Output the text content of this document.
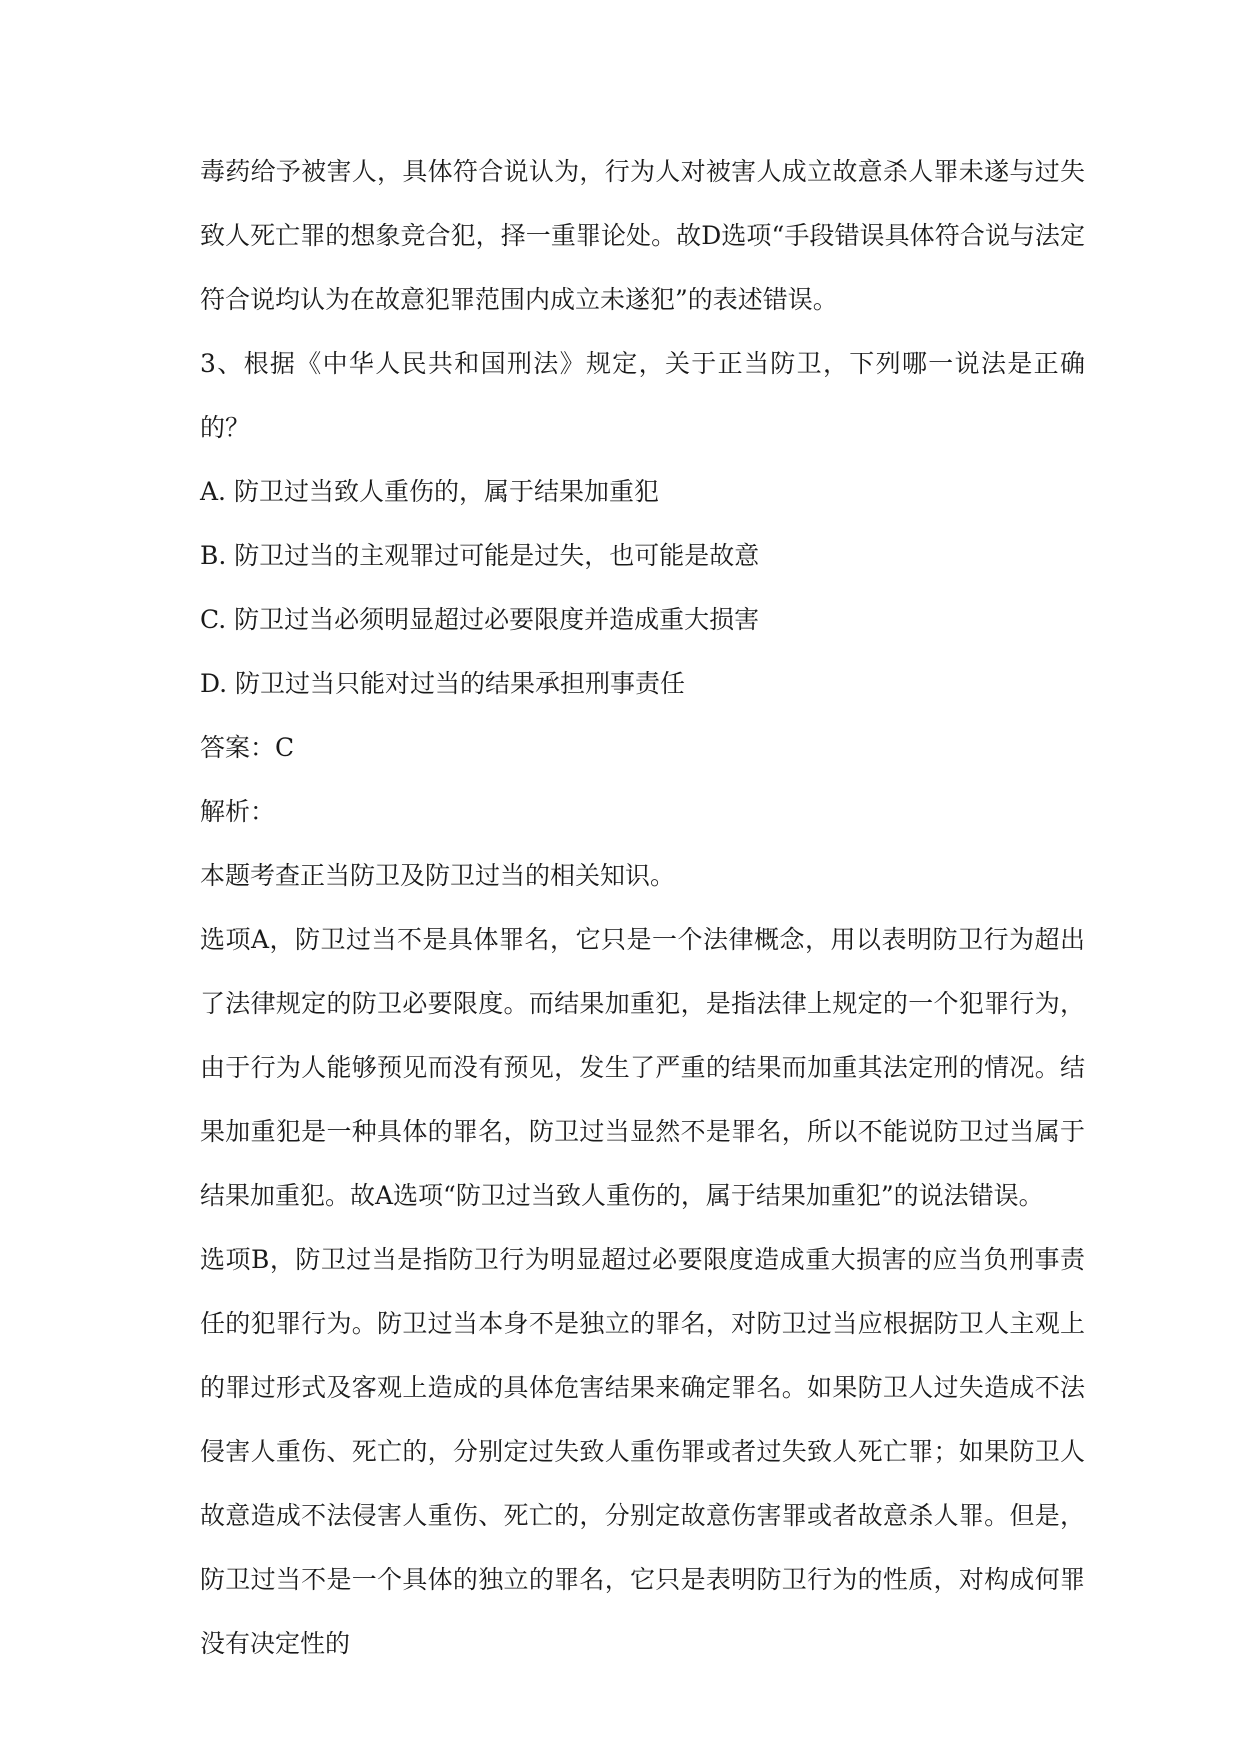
毒药给予被害人，具体符合说认为，行为人对被害人成立故意杀人罪未遂与过失致人死亡罪的想象竞合犯，择一重罪论处。故D选项“手段错误具体符合说与法定符合说均认为在故意犯罪范围内成立未遂犯”的表述错误。

3、根据《中华人民共和国刑法》规定，关于正当防卫，下列哪一说法是正确的？

A. 防卫过当致人重伤的，属于结果加重犯

B. 防卫过当的主观罪过可能是过失，也可能是故意

C. 防卫过当必须明显超过必要限度并造成重大损害

D. 防卫过当只能对过当的结果承担刑事责任

答案：C

解析：

本题考查正当防卫及防卫过当的相关知识。

选项A，防卫过当不是具体罪名，它只是一个法律概念，用以表明防卫行为超出了法律规定的防卫必要限度。而结果加重犯，是指法律上规定的一个犯罪行为，由于行为人能够预见而没有预见，发生了严重的结果而加重其法定刑的情况。结果加重犯是一种具体的罪名，防卫过当显然不是罪名，所以不能说防卫过当属于结果加重犯。故A选项“防卫过当致人重伤的，属于结果加重犯”的说法错误。

选项B，防卫过当是指防卫行为明显超过必要限度造成重大损害的应当负刑事责任的犯罪行为。防卫过当本身不是独立的罪名，对防卫过当应根据防卫人主观上的罪过形式及客观上造成的具体危害结果来确定罪名。如果防卫人过失造成不法侵害人重伤、死亡的，分别定过失致人重伤罪或者过失致人死亡罪；如果防卫人故意造成不法侵害人重伤、死亡的，分别定故意伤害罪或者故意杀人罪。但是，防卫过当不是一个具体的独立的罪名，它只是表明防卫行为的性质，对构成何罪没有决定性的
